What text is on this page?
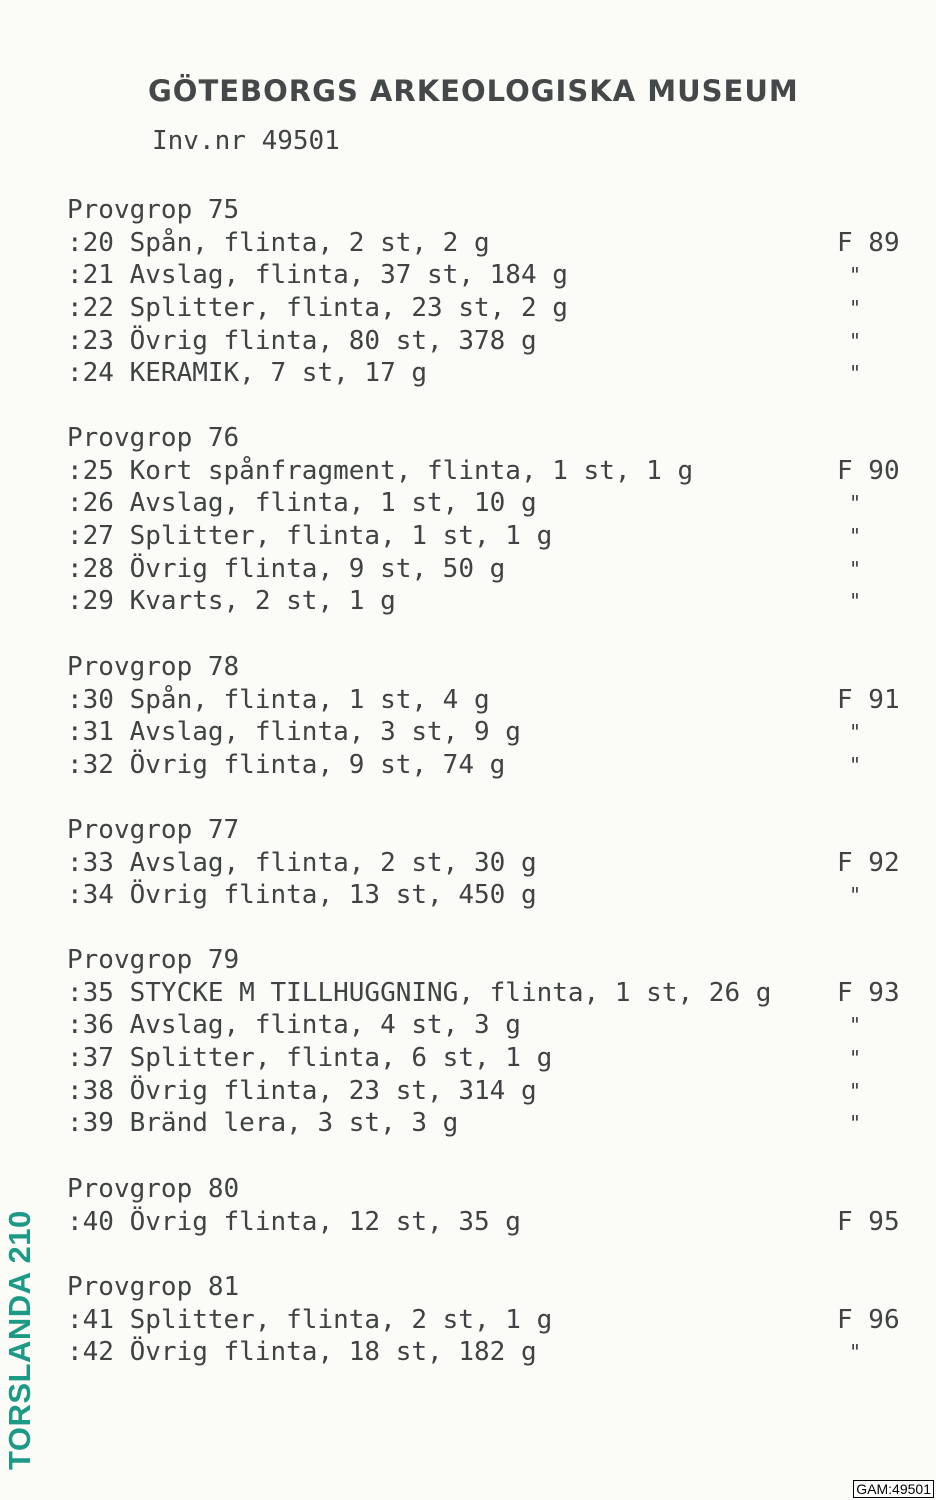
GÖTEBORGS ARKEOLOGISKA MUSEUM
Inv.nr 49501
Provgrop 75
:20 Spån, flinta, 2 st, 2 g	F 89
:21 Avslag, flinta, 37 st, 184 g	"
:22 Splitter, flinta, 23 st, 2 g	"
:23 Övrig flinta, 80 st, 378 g	"
:24 KERAMIK, 7 st, 17 g	"
Provgrop 76
:25 Kort spånfragment, flinta, 1 st, 1 g	F 90
:26 Avslag, flinta, 1 st, 10 g	"
:27 Splitter, flinta, 1 st, 1 g	"
:28 Övrig flinta, 9 st, 50 g	"
:29 Kvarts, 2 st, 1 g	"
Provgrop 78
:30 Spån, flinta, 1 st, 4 g	F 91
:31 Avslag, flinta, 3 st, 9 g	"
:32 Övrig flinta, 9 st, 74 g	"
Provgrop 77
:33 Avslag, flinta, 2 st, 30 g	F 92
:34 Övrig flinta, 13 st, 450 g	"
Provgrop 79
:35 STYCKE M TILLHUGGNING, flinta, 1 st, 26 g	F 93
:36 Avslag, flinta, 4 st, 3 g	"
:37 Splitter, flinta, 6 st, 1 g	"
:38 Övrig flinta, 23 st, 314 g	"
:39 Bränd lera, 3 st, 3 g	"
Provgrop 80
:40 Övrig flinta, 12 st, 35 g	F 95
Provgrop 81
:41 Splitter, flinta, 2 st, 1 g	F 96
:42 Övrig flinta, 18 st, 182 g	"
TORSLANDA 210
GAM:49501
